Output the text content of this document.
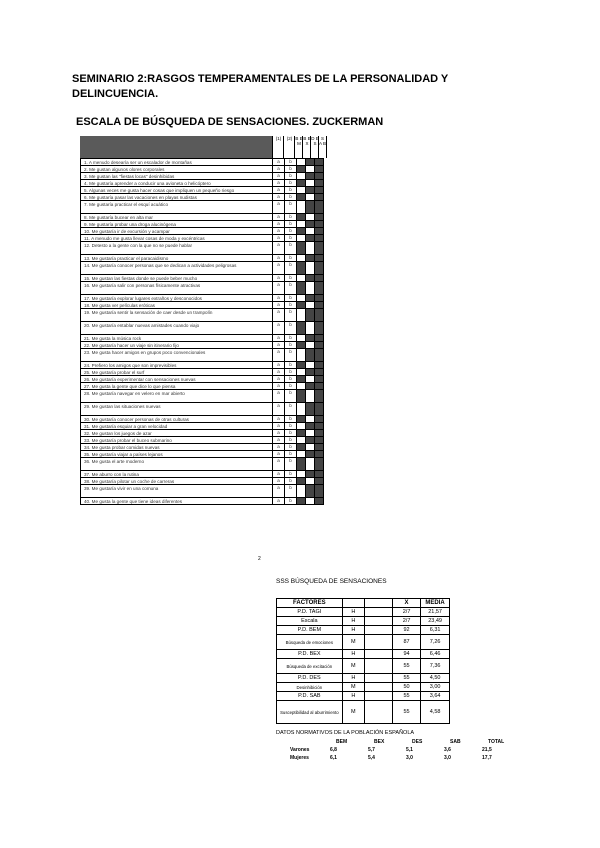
SEMINARIO 2:RASGOS TEMPERAMENTALES DE LA PERSONALIDAD Y DELINCUENCIA.
ESCALA DE BÚSQUEDA DE SENSACIONES. ZUCKERMAN
(1)	(2) B E M
B E X
D E S
S A B
1. A menudo desearía ser un escalador de montañas	a	b
2. Me gustan algunos olores corporales	a	b
3. Me gustan las "fiestas locas" desinhibidas	a	b
4. Me gustaría aprender a conducir una avioneta o helicóptero	a	b
5. Algunas veces me gusta hacer cosas que impliquen un pequeño riesgo	a	b
6. Me gustaría pasar las vacaciones en playas nudistas	a	b
7. Me gustaría practicar el esquí acuático	a	b
8. Me gustaría bucear en alta mar	a	b
9. Me gustaría probar una droga alucinógena	a	b
10. Me gustaría ir de excursión y acampar	a	b
11. A menudo me gusta llevar cosas de moda y excéntricas	a	b
12. Detesto a la gente con la que no se puede hablar	a	b
13. Me gustaría practicar el paracaidismo	a	b
14. Me gustaría conocer personas que se dedican a actividades peligrosas	a	b
15. Me gustan las fiestas donde se puede beber mucho	a	b
16. Me gustaría salir con personas físicamente atractivas	a	b
17. Me gustaría explorar lugares extraños y desconocidos	a	b
18. Me gusta ver películas eróticas	a	b
19. Me gustaría sentir la sensación de caer desde un trampolín	a	b
20. Me gustaría entablar nuevas amistades cuando viajo	a	b
21. Me gusta la música rock	a	b
22. Me gustaría hacer un viaje sin itinerario fijo	a	b
23. Me gusta hacer amigos en grupos poco convencionales	a	b
24. Prefiero los amigos que son imprevisibles	a	b
25. Me gustaría probar el surf	a	b
26. Me gustaría experimentar con sensaciones nuevas	a	b
27. Me gusta la gente que dice lo que piensa	a	b
28. Me gustaría navegar en velero en mar abierto	a	b
29. Me gustan las situaciones nuevas	a	b
30. Me gustaría conocer personas de otras culturas	a	b
31. Me gustaría esquiar a gran velocidad	a	b
32. Me gustan los juegos de azar	a	b
33. Me gustaría probar el buceo submarino	a	b
34. Me gusta probar comidas nuevas	a	b
35. Me gustaría viajar a países lejanos	a	b
36. Me gusta el arte moderno	a	b
37. Me aburro con la rutina	a	b
38. Me gustaría pilotar un coche de carreras	a	b
39. Me gustaría vivir en una comuna	a	b
40. Me gusta la gente que tiene ideas diferentes	a	b
2
SSS BÚSQUEDA DE SENSACIONES
FACTORES			X	MEDIA
P.D. TAGI	H		2/7	21,57
Escala	H		2/7	23,49
P.D. BEM	H		92	6,31
Búsqueda de emociones	M		87	7,26
P.D. BEX	H		94	6,46
Búsqueda de excitación	M		55	7,36
P.D. DES	H		55	4,50
Desinhibición	M		50	3,00
P.D. SAB	H		55	3,64
Susceptibilidad al aburrimiento	M		55	4,58
DATOS NORMATIVOS DE LA POBLACIÓN ESPAÑOLA
BEM	BEX	DES	SAB	TOTAL
Varones	6,8	5,7	5,1	3,6	21,5
Mujeres	6,1	5,4	3,0	3,0	17,7
